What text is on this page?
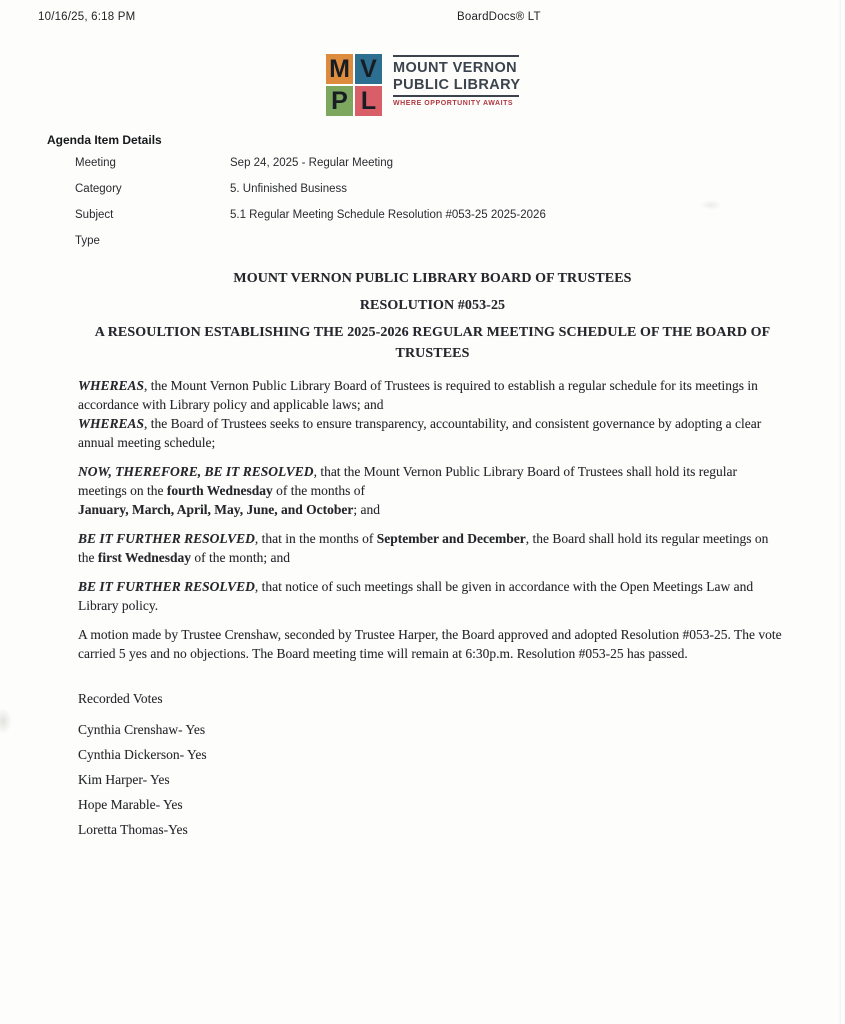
10/16/25, 6:18 PM	BoardDocs® LT
M V
P L
MOUNT VERNON
PUBLIC LIBRARY
WHERE OPPORTUNITY AWAITS
Agenda Item Details
Meeting	Sep 24, 2025 - Regular Meeting
Category	5. Unfinished Business
Subject	5.1 Regular Meeting Schedule Resolution #053-25 2025-2026
Type
MOUNT VERNON PUBLIC LIBRARY BOARD OF TRUSTEES
RESOLUTION #053-25
A RESOULTION ESTABLISHING THE 2025-2026 REGULAR MEETING SCHEDULE OF THE BOARD OF TRUSTEES

WHEREAS, the Mount Vernon Public Library Board of Trustees is required to establish a regular schedule for its meetings in accordance with Library policy and applicable laws; and
WHEREAS, the Board of Trustees seeks to ensure transparency, accountability, and consistent governance by adopting a clear annual meeting schedule;

NOW, THEREFORE, BE IT RESOLVED, that the Mount Vernon Public Library Board of Trustees shall hold its regular meetings on the fourth Wednesday of the months of
January, March, April, May, June, and October; and

BE IT FURTHER RESOLVED, that in the months of September and December, the Board shall hold its regular meetings on the first Wednesday of the month; and

BE IT FURTHER RESOLVED, that notice of such meetings shall be given in accordance with the Open Meetings Law and Library policy.

A motion made by Trustee Crenshaw, seconded by Trustee Harper, the Board approved and adopted Resolution #053-25. The vote carried 5 yes and no objections. The Board meeting time will remain at 6:30p.m. Resolution #053-25 has passed.

Recorded Votes
Cynthia Crenshaw- Yes
Cynthia Dickerson- Yes
Kim Harper- Yes
Hope Marable- Yes
Loretta Thomas-Yes
